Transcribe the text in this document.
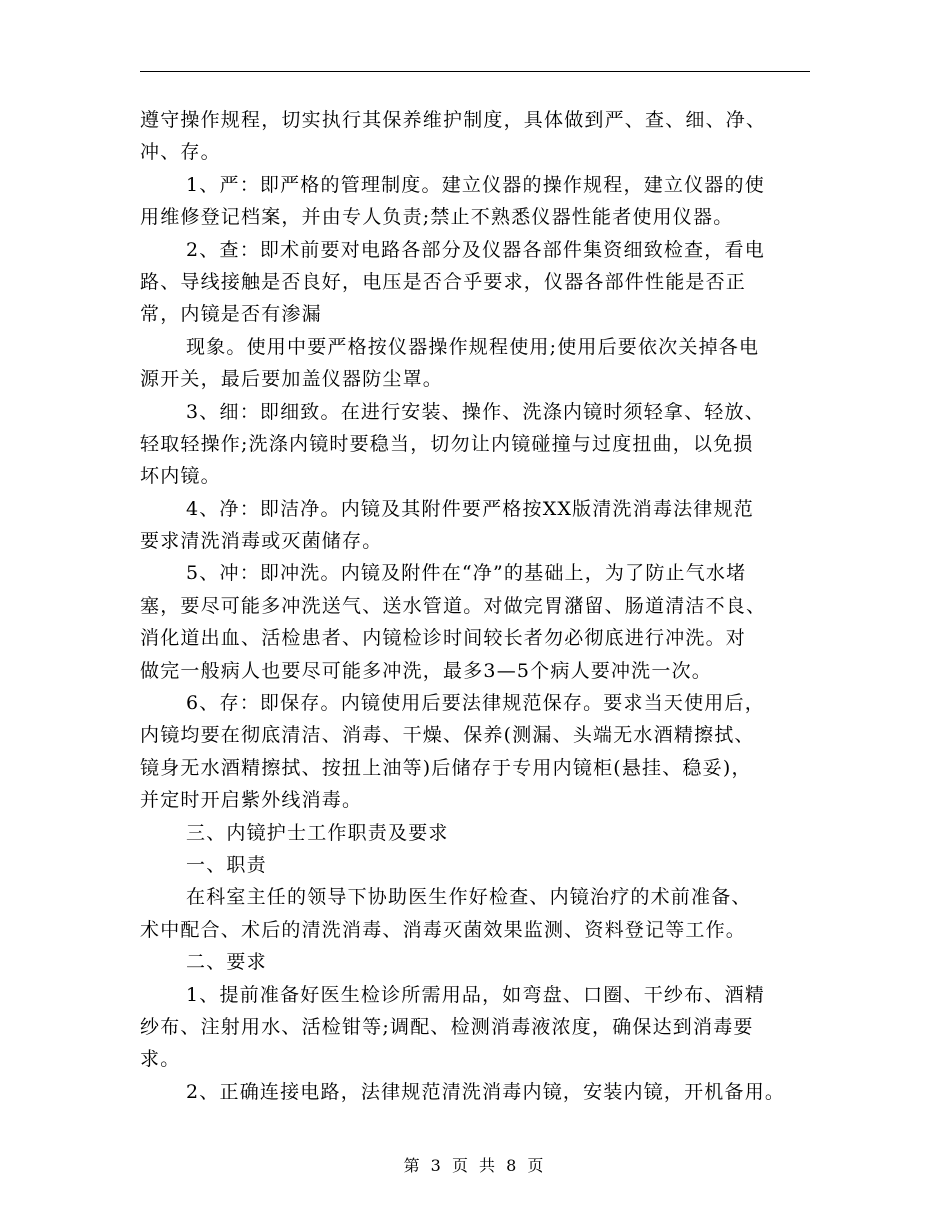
遵守操作规程，切实执行其保养维护制度，具体做到严、查、细、净、
冲、存。
1、严：即严格的管理制度。建立仪器的操作规程，建立仪器的使
用维修登记档案，并由专人负责;禁止不熟悉仪器性能者使用仪器。
2、查：即术前要对电路各部分及仪器各部件集资细致检查，看电
路、导线接触是否良好，电压是否合乎要求，仪器各部件性能是否正
常，内镜是否有渗漏
现象。使用中要严格按仪器操作规程使用;使用后要依次关掉各电
源开关，最后要加盖仪器防尘罩。
3、细：即细致。在进行安装、操作、洗涤内镜时须轻拿、轻放、
轻取轻操作;洗涤内镜时要稳当，切勿让内镜碰撞与过度扭曲，以免损
坏内镜。
4、净：即洁净。内镜及其附件要严格按XX版清洗消毒法律规范
要求清洗消毒或灭菌储存。
5、冲：即冲洗。内镜及附件在“净”的基础上，为了防止气水堵
塞，要尽可能多冲洗送气、送水管道。对做完胃潴留、肠道清洁不良、
消化道出血、活检患者、内镜检诊时间较长者勿必彻底进行冲洗。对
做完一般病人也要尽可能多冲洗，最多3—5个病人要冲洗一次。
6、存：即保存。内镜使用后要法律规范保存。要求当天使用后，
内镜均要在彻底清洁、消毒、干燥、保养(测漏、头端无水酒精擦拭、
镜身无水酒精擦拭、按扭上油等)后储存于专用内镜柜(悬挂、稳妥)，
并定时开启紫外线消毒。
三、内镜护士工作职责及要求
一、职责
在科室主任的领导下协助医生作好检查、内镜治疗的术前准备、
术中配合、术后的清洗消毒、消毒灭菌效果监测、资料登记等工作。
二、要求
1、提前准备好医生检诊所需用品，如弯盘、口圈、干纱布、酒精
纱布、注射用水、活检钳等;调配、检测消毒液浓度，确保达到消毒要
求。
2、正确连接电路，法律规范清洗消毒内镜，安装内镜，开机备用。
第 3 页 共 8 页
